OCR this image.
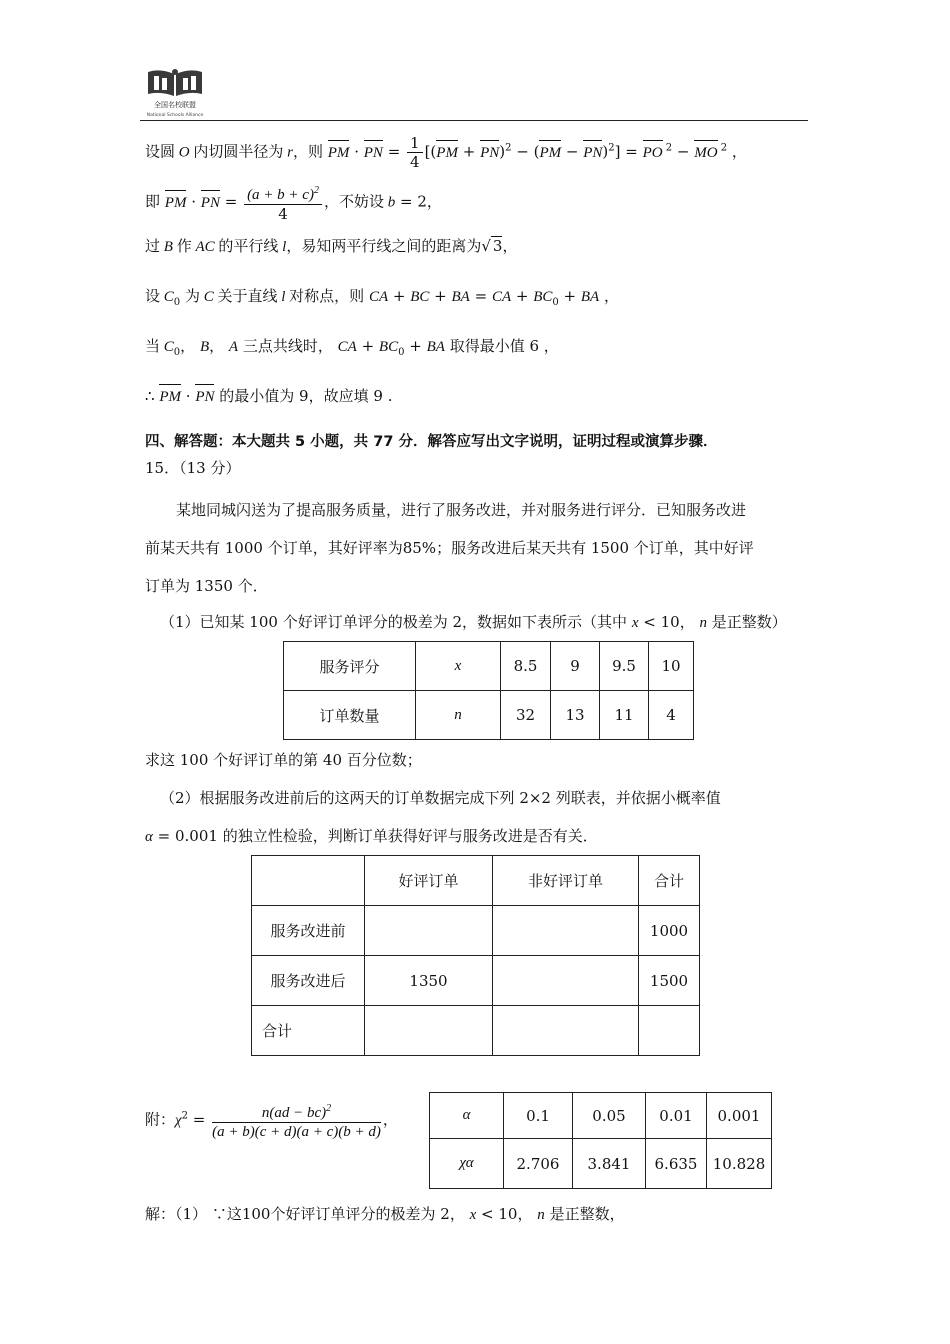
全国名校联盟
National Schools Alliance
设圆 O 内切圆半径为 r，则 PM · PN = $\frac{1}{4} [(PM + PN)^2 - (PM - PN)^2]$ = PO $^2$ − MO $^2$ ，
即 PM · PN = $\frac{(a + b + c)^2}{4}$ ，不妨设 b = 2，
过 B 作 AC 的平行线 l，易知两平行线之间的距离为√ 3，
设 $C_0$ 为 C 关于直线 l 对称点，则 CA + BC + BA = CA + $BC_0$ + BA ，
当 $C_0$， B， A 三点共线时， CA + $BC_0$ + BA 取得最小值 6 ，
∴ PM · PN 的最小值为 9，故应填 9 .
四、解答题：本大题共 5 小题，共 77 分．解答应写出文字说明，证明过程或演算步骤．
15．（13 分）
某地同城闪送为了提高服务质量，进行了服务改进，并对服务进行评分．已知服务改进
前某天共有 1000 个订单，其好评率为85%；服务改进后某天共有 1500 个订单，其中好评
订单为 1350 个．
（1）已知某 100 个好评订单评分的极差为 2，数据如下表所示（其中 x < 10， n 是正整数）
服务评分	x	8.5	9	9.5	10
订单数量	n	32	13	11	4
求这 100 个好评订单的第 40 百分位数；
（2）根据服务改进前后的这两天的订单数据完成下列 2×2 列联表，并依据小概率值
α = 0.001 的独立性检验，判断订单获得好评与服务改进是否有关．
	好评订单	非好评订单	合计
服务改进前			1000
服务改进后	1350		1500
合计			
附：$\chi^2 = \frac{n(ad - bc)^2}{(a + b)(c + d)(a + c)(b + d)}$ ，	α	0.1	0.05	0.01	0.001
χα	2.706	3.841	6.635	10.828
解：（1） ∵这100个好评订单评分的极差为 2， x < 10， n 是正整数，
